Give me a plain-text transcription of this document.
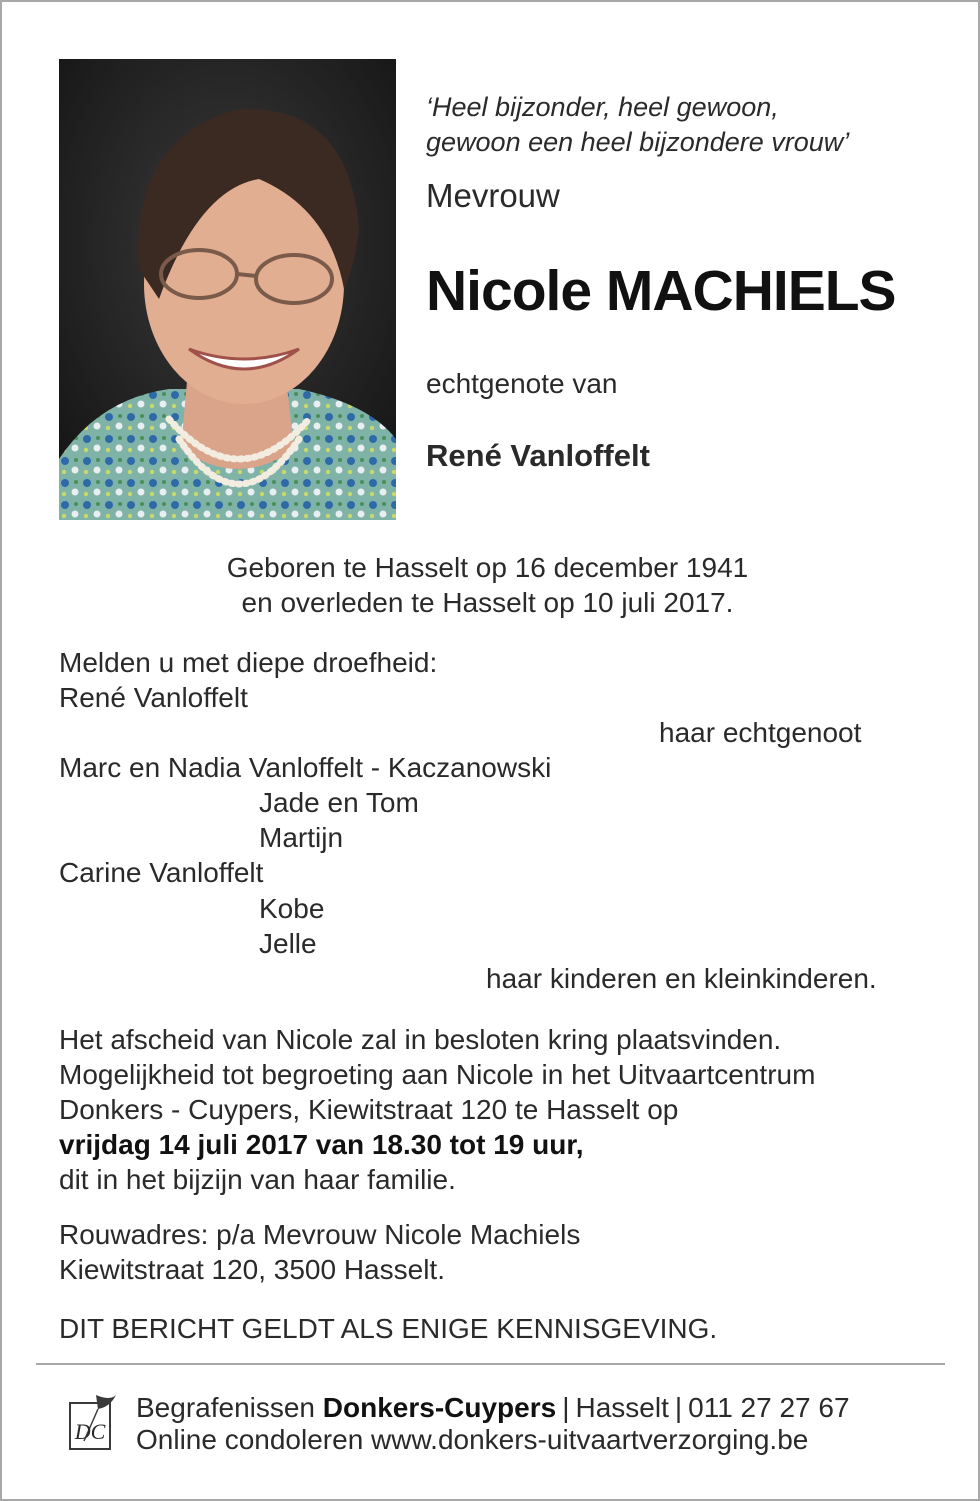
‘Heel bijzonder, heel gewoon,
gewoon een heel bijzondere vrouw’
Mevrouw
Nicole MACHIELS
echtgenote van
René Vanloffelt
Geboren te Hasselt op 16 december 1941
en overleden te Hasselt op 10 juli 2017.
Melden u met diepe droefheid:
René Vanloffelt
haar echtgenoot
Marc en Nadia Vanloffelt - Kaczanowski
Jade en Tom
Martijn
Carine Vanloffelt
Kobe
Jelle
haar kinderen en kleinkinderen.
Het afscheid van Nicole zal in besloten kring plaatsvinden.
Mogelijkheid tot begroeting aan Nicole in het Uitvaartcentrum
Donkers - Cuypers, Kiewitstraat 120 te Hasselt op
vrijdag 14 juli 2017 van 18.30 tot 19 uur,
dit in het bijzijn van haar familie.
Rouwadres: p/a Mevrouw Nicole Machiels
Kiewitstraat 120, 3500 Hasselt.
DIT BERICHT GELDT ALS ENIGE KENNISGEVING.
DC
Begrafenissen Donkers-Cuypers | Hasselt | 011 27 27 67
Online condoleren www.donkers-uitvaartverzorging.be
